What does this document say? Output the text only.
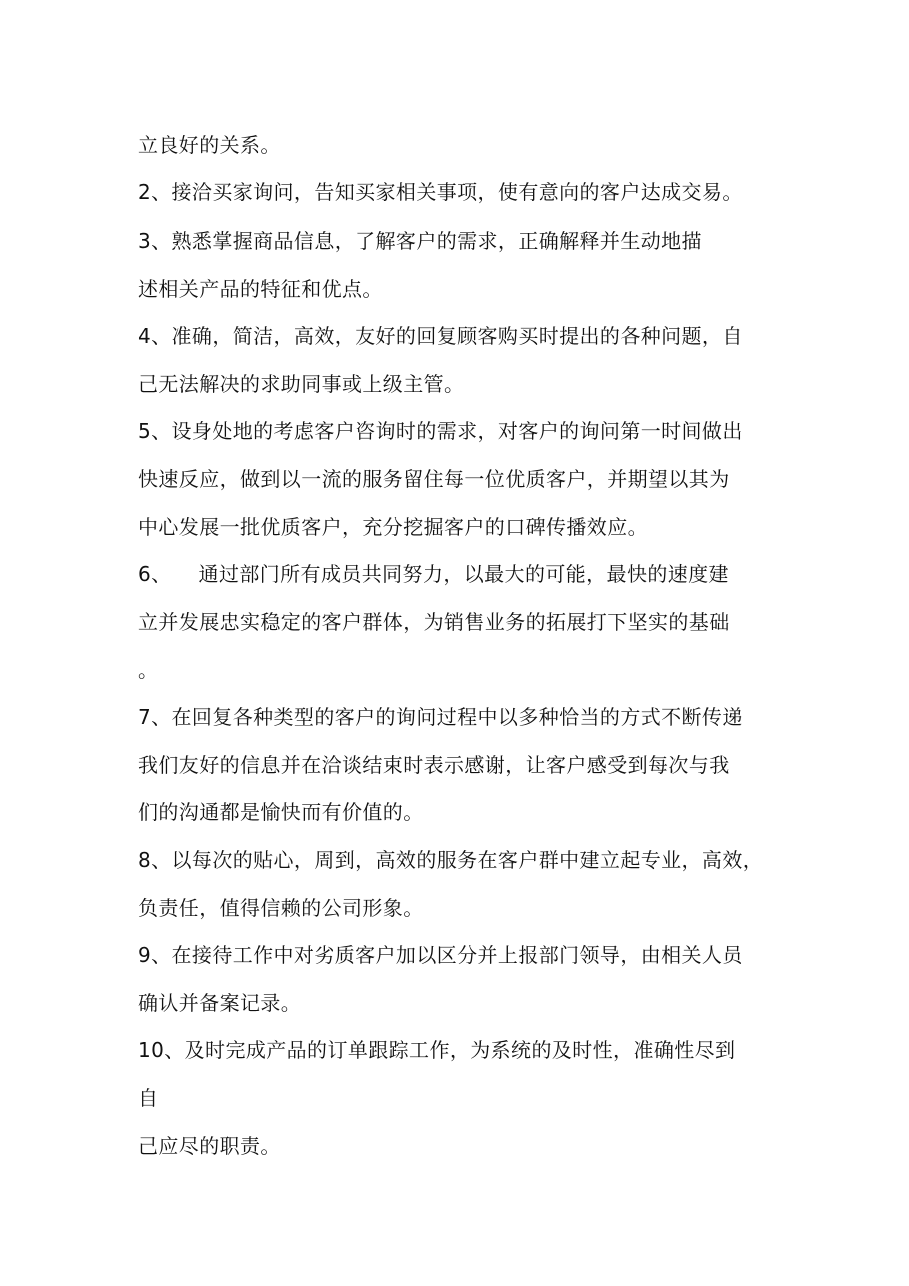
立良好的关系。
2、接洽买家询问，告知买家相关事项，使有意向的客户达成交易。
3、熟悉掌握商品信息，了解客户的需求，正确解释并生动地描
述相关产品的特征和优点。
4、准确，简洁，高效，友好的回复顾客购买时提出的各种问题，自
己无法解决的求助同事或上级主管。
5、设身处地的考虑客户咨询时的需求，对客户的询问第一时间做出
快速反应，做到以一流的服务留住每一位优质客户，并期望以其为
中心发展一批优质客户，充分挖掘客户的口碑传播效应。
6、    通过部门所有成员共同努力，以最大的可能，最快的速度建
立并发展忠实稳定的客户群体，为销售业务的拓展打下坚实的基础
。
7、在回复各种类型的客户的询问过程中以多种恰当的方式不断传递
我们友好的信息并在洽谈结束时表示感谢，让客户感受到每次与我
们的沟通都是愉快而有价值的。
8、以每次的贴心，周到，高效的服务在客户群中建立起专业，高效，
负责任，值得信赖的公司形象。
9、在接待工作中对劣质客户加以区分并上报部门领导，由相关人员
确认并备案记录。
10、及时完成产品的订单跟踪工作，为系统的及时性，准确性尽到
自
己应尽的职责。
